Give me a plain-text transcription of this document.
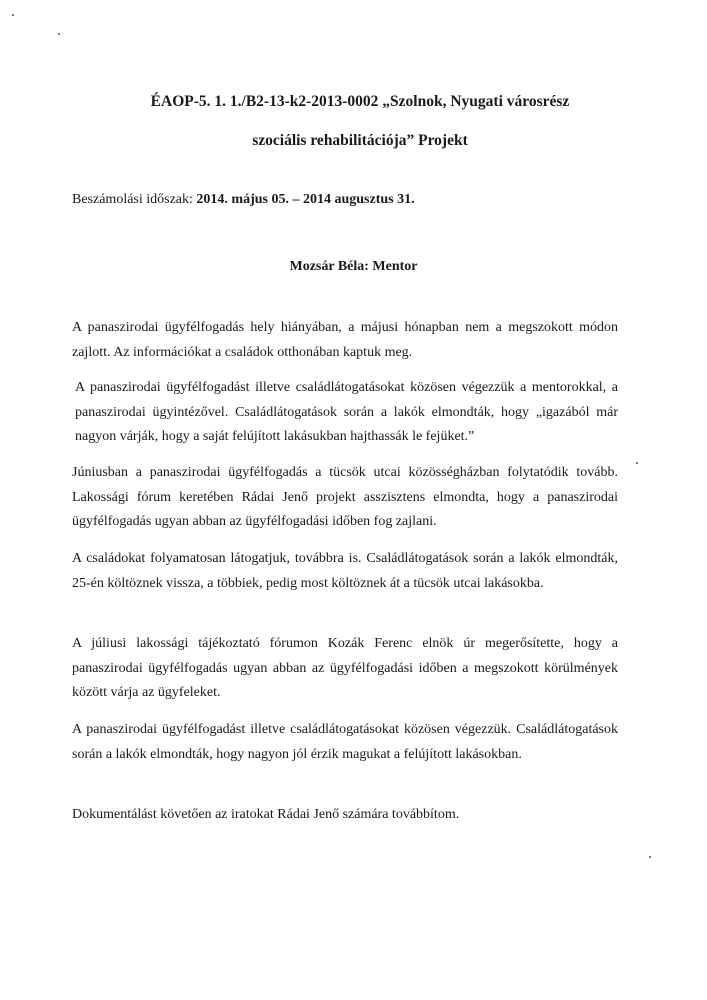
ÉAOP-5. 1. 1./B2-13-k2-2013-0002 „Szolnok, Nyugati városrész

szociális rehabilitációja” Projekt

Beszámolási időszak: 2014. május 05. – 2014 augusztus 31.

Mozsár Béla: Mentor

A panaszirodai ügyfélfogadás hely hiányában, a májusi hónapban nem a megszokott módon zajlott. Az információkat a családok otthonában kaptuk meg.

A panaszirodai ügyfélfogadást illetve családlátogatásokat közösen végezzük a mentorokkal, a panaszirodai ügyintézővel. Családlátogatások során a lakók elmondták, hogy „igazából már nagyon várják, hogy a saját felújított lakásukban hajthassák le fejüket.”

Júniusban a panaszirodai ügyfélfogadás a tücsök utcai közösségházban folytatódik tovább. Lakossági fórum keretében Rádai Jenő projekt asszisztens elmondta, hogy a panaszirodai ügyfélfogadás ugyan abban az ügyfélfogadási időben fog zajlani.

A családokat folyamatosan látogatjuk, továbbra is. Családlátogatások során a lakók elmondták, 25-én költöznek vissza, a többiek, pedig most költöznek át a tücsök utcai lakásokba.

A júliusi lakossági tájékoztató fórumon Kozák Ferenc elnök úr megerősítette, hogy a panaszirodai ügyfélfogadás ugyan abban az ügyfélfogadási időben a megszokott körülmények között várja az ügyfeleket.

A panaszirodai ügyfélfogadást illetve családlátogatásokat közösen végezzük. Családlátogatások során a lakók elmondták, hogy nagyon jól érzik magukat a felújított lakásokban.

Dokumentálást követően az iratokat Rádai Jenő számára továbbítom.
